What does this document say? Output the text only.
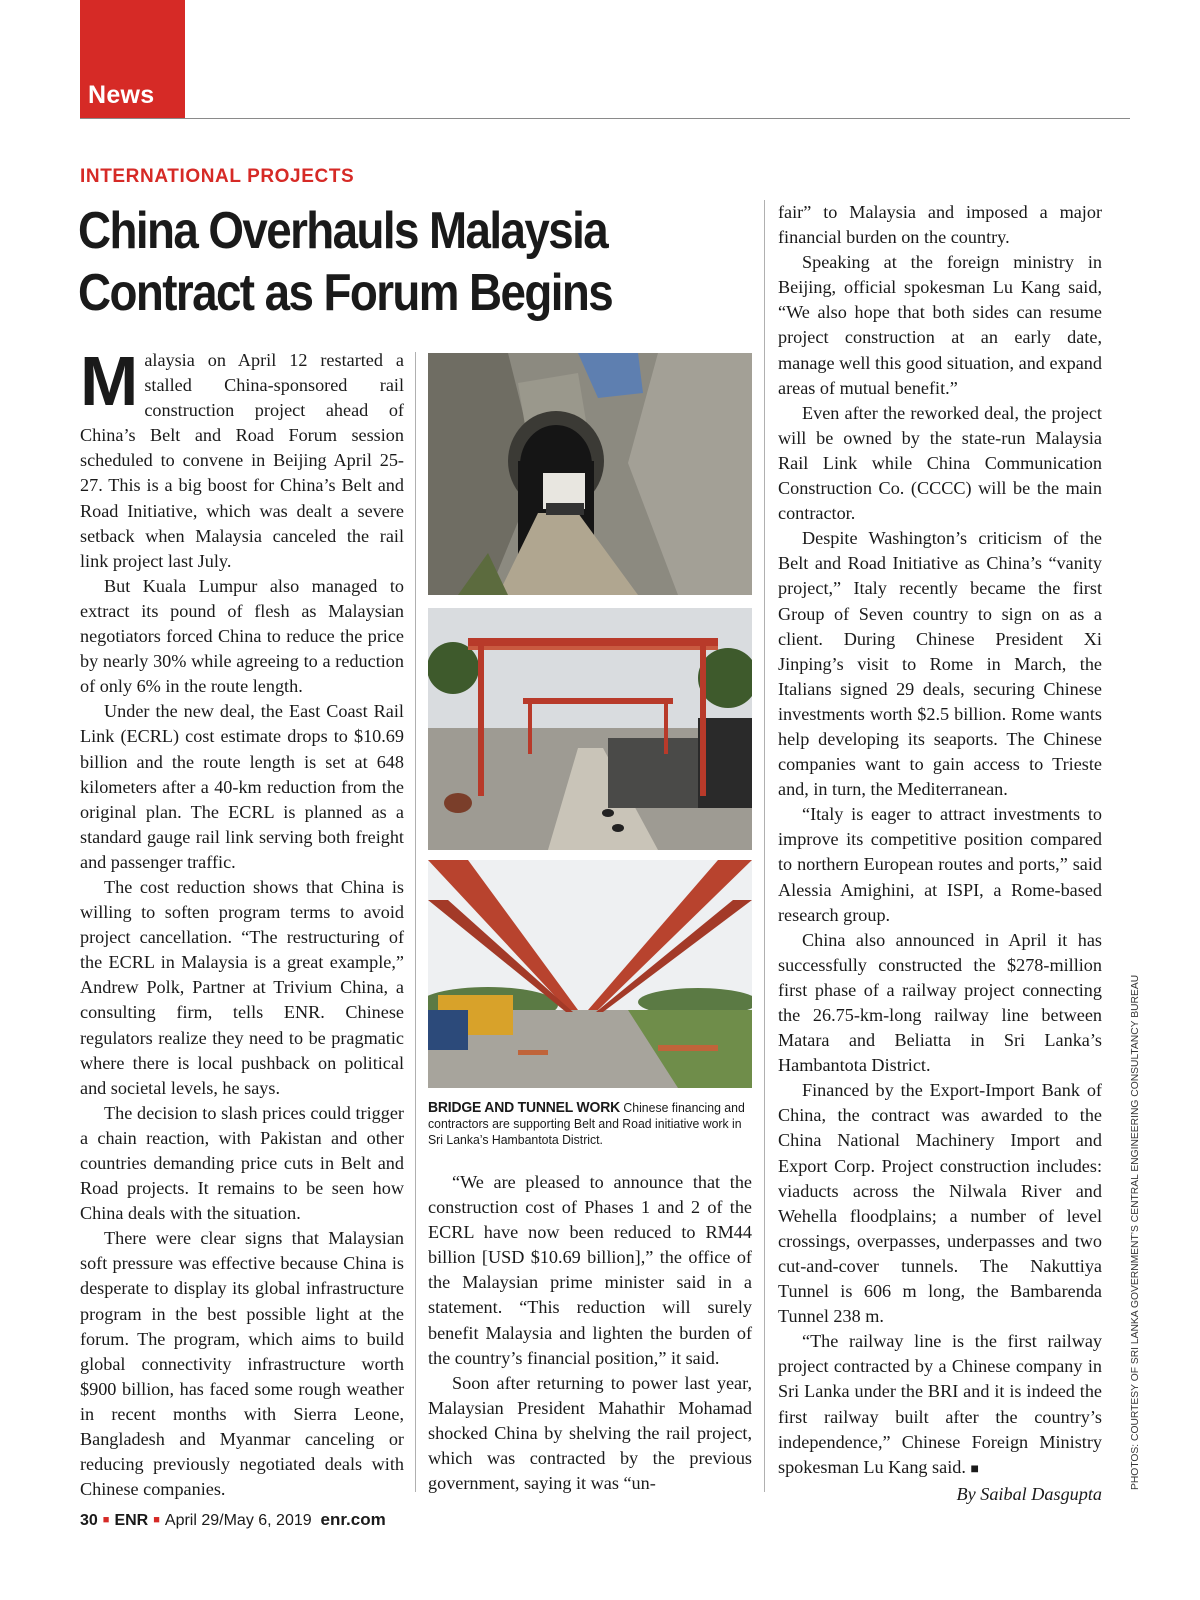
News
INTERNATIONAL PROJECTS
China Overhauls Malaysia Contract as Forum Begins

Malaysia on April 12 restarted a stalled China-sponsored rail construction project ahead of China’s Belt and Road Forum session scheduled to convene in Beijing April 25-27. This is a big boost for China’s Belt and Road Initiative, which was dealt a severe setback when Malaysia canceled the rail link project last July.

But Kuala Lumpur also managed to extract its pound of flesh as Malaysian negotiators forced China to reduce the price by nearly 30% while agreeing to a reduction of only 6% in the route length.

Under the new deal, the East Coast Rail Link (ECRL) cost estimate drops to $10.69 billion and the route length is set at 648 kilometers after a 40-km reduction from the original plan. The ECRL is planned as a standard gauge rail link serving both freight and passenger traffic.

The cost reduction shows that China is willing to soften program terms to avoid project cancellation. “The restructuring of the ECRL in Malaysia is a great example,” Andrew Polk, Partner at Trivium China, a consulting firm, tells ENR. Chinese regulators realize they need to be pragmatic where there is local pushback on political and societal levels, he says.

The decision to slash prices could trigger a chain reaction, with Pakistan and other countries demanding price cuts in Belt and Road projects. It remains to be seen how China deals with the situation.

There were clear signs that Malaysian soft pressure was effective because China is desperate to display its global infrastructure program in the best possible light at the forum. The program, which aims to build global connectivity infrastructure worth $900 billion, has faced some rough weather in recent months with Sierra Leone, Bangladesh and Myanmar canceling or reducing previously negotiated deals with Chinese companies.

BRIDGE AND TUNNEL WORK Chinese financing and contractors are supporting Belt and Road initiative work in Sri Lanka’s Hambantota District.

“We are pleased to announce that the construction cost of Phases 1 and 2 of the ECRL have now been reduced to RM44 billion [USD $10.69 billion],” the office of the Malaysian prime minister said in a statement. “This reduction will surely benefit Malaysia and lighten the burden of the country’s financial position,” it said.

Soon after returning to power last year, Malaysian President Mahathir Mohamad shocked China by shelving the rail project, which was contracted by the previous government, saying it was “un-

fair” to Malaysia and imposed a major financial burden on the country.

Speaking at the foreign ministry in Beijing, official spokesman Lu Kang said, “We also hope that both sides can resume project construction at an early date, manage well this good situation, and expand areas of mutual benefit.”

Even after the reworked deal, the project will be owned by the state-run Malaysia Rail Link while China Communication Construction Co. (CCCC) will be the main contractor.

Despite Washington’s criticism of the Belt and Road Initiative as China’s “vanity project,” Italy recently became the first Group of Seven country to sign on as a client. During Chinese President Xi Jinping’s visit to Rome in March, the Italians signed 29 deals, securing Chinese investments worth $2.5 billion. Rome wants help developing its seaports. The Chinese companies want to gain access to Trieste and, in turn, the Mediterranean.

“Italy is eager to attract investments to improve its competitive position compared to northern European routes and ports,” said Alessia Amighini, at ISPI, a Rome-based research group.

China also announced in April it has successfully constructed the $278-million first phase of a railway project connecting the 26.75-km-long railway line between Matara and Beliatta in Sri Lanka’s Hambantota District.

Financed by the Export-Import Bank of China, the contract was awarded to the China National Machinery Import and Export Corp. Project construction includes: viaducts across the Nilwala River and Wehella floodplains; a number of level crossings, overpasses, underpasses and two cut-and-cover tunnels. The Nakuttiya Tunnel is 606 m long, the Bambarenda Tunnel 238 m.

“The railway line is the first railway project contracted by a Chinese company in Sri Lanka under the BRI and it is indeed the first railway built after the country’s independence,” Chinese Foreign Ministry spokesman Lu Kang said. ■

By Saibal Dasgupta

PHOTOS: COURTESY OF SRI LANKA GOVERNMENT’S CENTRAL ENGINEERING CONSULTANCY BUREAU
30 ■ ENR ■ April 29/May 6, 2019 enr.com
